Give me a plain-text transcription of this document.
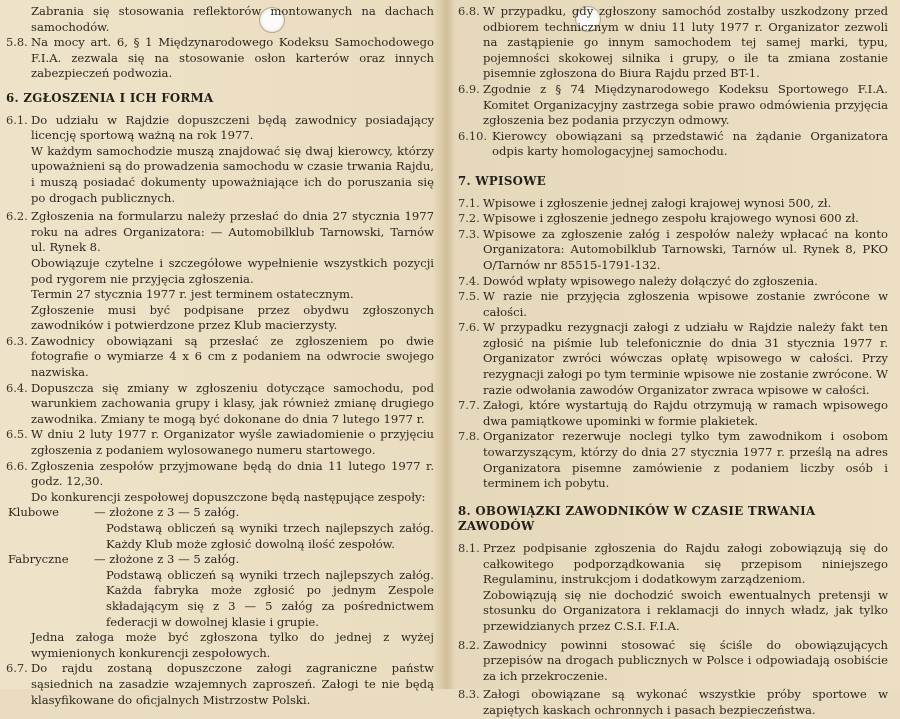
Zabrania się stosowania reflektorów montowanych na dachach samochodów.
5.8. Na mocy art. 6, § 1 Międzynarodowego Kodeksu Samochodowego F.I.A. zezwala się na stosowanie osłon karterów oraz innych zabezpieczeń podwozia.
6. ZGŁOSZENIA I ICH FORMA
6.1. Do udziału w Rajdzie dopuszczeni będą zawodnicy posiadający licencję sportową ważną na rok 1977.
W każdym samochodzie muszą znajdować się dwaj kierowcy, którzy upoważnieni są do prowadzenia samochodu w czasie trwania Rajdu, i muszą posiadać dokumenty upoważniające ich do poruszania się po drogach publicznych.
6.2. Zgłoszenia na formularzu należy przesłać do dnia 27 stycznia 1977 roku na adres Organizatora: — Automobilklub Tarnowski, Tarnów ul. Rynek 8.
Obowiązuje czytelne i szczegółowe wypełnienie wszystkich pozycji pod rygorem nie przyjęcia zgłoszenia.
Termin 27 stycznia 1977 r. jest terminem ostatecznym.
Zgłoszenie musi być podpisane przez obydwu zgłoszonych zawodników i potwierdzone przez Klub macierzysty.
6.3. Zawodnicy obowiązani są przesłać ze zgłoszeniem po dwie fotografie o wymiarze 4 x 6 cm z podaniem na odwrocie swojego nazwiska.
6.4. Dopuszcza się zmiany w zgłoszeniu dotyczące samochodu, pod warunkiem zachowania grupy i klasy, jak również zmianę drugiego zawodnika. Zmiany te mogą być dokonane do dnia 7 lutego 1977 r.
6.5. W dniu 2 luty 1977 r. Organizator wyśle zawiadomienie o przyjęciu zgłoszenia z podaniem wylosowanego numeru startowego.
6.6. Zgłoszenia zespołów przyjmowane będą do dnia 11 lutego 1977 r. godz. 12,30.
Do konkurencji zespołowej dopuszczone będą następujące zespoły:
Klubowe	— złożone z 3 — 5 załóg.
Podstawą obliczeń są wyniki trzech najlepszych załóg. Każdy Klub może zgłosić dowolną ilość zespołów.
Fabryczne	— złożone z 3 — 5 załóg.
Podstawą obliczeń są wyniki trzech najlepszych załóg. Każda fabryka może zgłosić po jednym Zespole składającym się z 3 — 5 załóg za pośrednictwem federacji w dowolnej klasie i grupie.
Jedna załoga może być zgłoszona tylko do jednej z wyżej wymienionych konkurencji zespołowych.
6.7. Do rajdu zostaną dopuszczone załogi zagraniczne państw sąsiednich na zasadzie wzajemnych zaproszeń. Załogi te nie będą klasyfikowane do oficjalnych Mistrzostw Polski.
6.8. W przypadku, gdy zgłoszony samochód zostałby uszkodzony przed odbiorem technicznym w dniu 11 luty 1977 r. Organizator zezwoli na zastąpienie go innym samochodem tej samej marki, typu, pojemności skokowej silnika i grupy, o ile ta zmiana zostanie pisemnie zgłoszona do Biura Rajdu przed BT-1.
6.9. Zgodnie z § 74 Międzynarodowego Kodeksu Sportowego F.I.A. Komitet Organizacyjny zastrzega sobie prawo odmówienia przyjęcia zgłoszenia bez podania przyczyn odmowy.
6.10. Kierowcy obowiązani są przedstawić na żądanie Organizatora odpis karty homologacyjnej samochodu.
7. WPISOWE
7.1. Wpisowe i zgłoszenie jednej załogi krajowej wynosi 500, zł.
7.2. Wpisowe i zgłoszenie jednego zespołu krajowego wynosi 600 zł.
7.3. Wpisowe za zgłoszenie załóg i zespołów należy wpłacać na konto Organizatora: Automobilklub Tarnowski, Tarnów ul. Rynek 8, PKO O/Tarnów nr 85515-1791-132.
7.4. Dowód wpłaty wpisowego należy dołączyć do zgłoszenia.
7.5. W razie nie przyjęcia zgłoszenia wpisowe zostanie zwrócone w całości.
7.6. W przypadku rezygnacji załogi z udziału w Rajdzie należy fakt ten zgłosić na piśmie lub telefonicznie do dnia 31 stycznia 1977 r. Organizator zwróci wówczas opłatę wpisowego w całości. Przy rezygnacji załogi po tym terminie wpisowe nie zostanie zwrócone. W razie odwołania zawodów Organizator zwraca wpisowe w całości.
7.7. Załogi, które wystartują do Rajdu otrzymują w ramach wpisowego dwa pamiątkowe upominki w formie plakietek.
7.8. Organizator rezerwuje noclegi tylko tym zawodnikom i osobom towarzyszącym, którzy do dnia 27 stycznia 1977 r. prześlą na adres Organizatora pisemne zamówienie z podaniem liczby osób i terminem ich pobytu.
8. OBOWIĄZKI ZAWODNIKÓW W CZASIE TRWANIA ZAWODÓW
8.1. Przez podpisanie zgłoszenia do Rajdu załogi zobowiązują się do całkowitego podporządkowania się przepisom niniejszego Regulaminu, instrukcjom i dodatkowym zarządzeniom.
Zobowiązują się nie dochodzić swoich ewentualnych pretensji w stosunku do Organizatora i reklamacji do innych władz, jak tylko przewidzianych przez C.S.I. F.I.A.
8.2. Zawodnicy powinni stosować się ściśle do obowiązujących przepisów na drogach publicznych w Polsce i odpowiadają osobiście za ich przekroczenie.
8.3. Załogi obowiązane są wykonać wszystkie próby sportowe w zapiętych kaskach ochronnych i pasach bezpieczeństwa.
